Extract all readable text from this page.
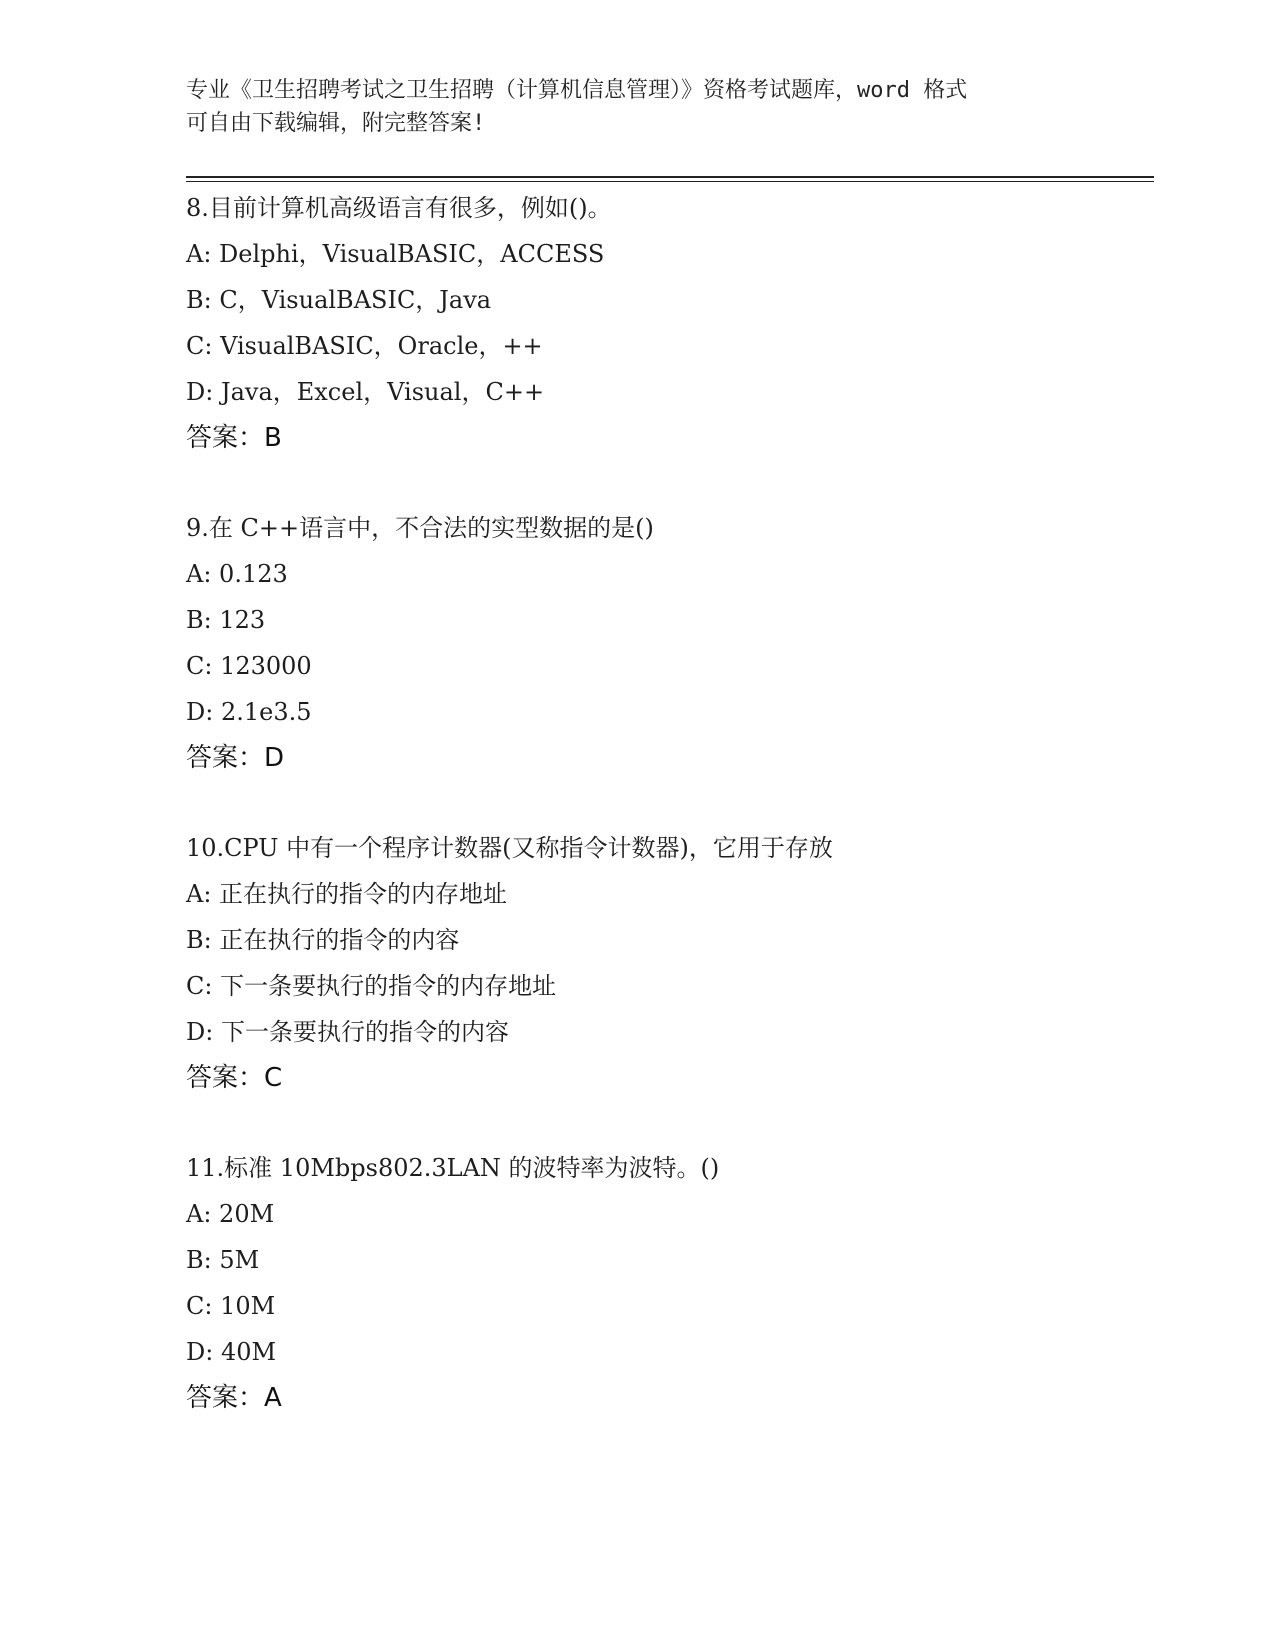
专业《卫生招聘考试之卫生招聘（计算机信息管理）》资格考试题库，word 格式
可自由下载编辑，附完整答案!
8.目前计算机高级语言有很多，例如()。
A: Delphi，VisualBASIC，ACCESS
B: C，VisualBASIC，Java
C: VisualBASIC，Oracle，++
D: Java，Excel，Visual，C++
答案：B
9.在 C++语言中，不合法的实型数据的是()
A: 0.123
B: 123
C: 123000
D: 2.1e3.5
答案：D
10.CPU 中有一个程序计数器(又称指令计数器)，它用于存放
A: 正在执行的指令的内存地址
B: 正在执行的指令的内容
C: 下一条要执行的指令的内存地址
D: 下一条要执行的指令的内容
答案：C
11.标准 10Mbps802.3LAN 的波特率为波特。()
A: 20M
B: 5M
C: 10M
D: 40M
答案：A
